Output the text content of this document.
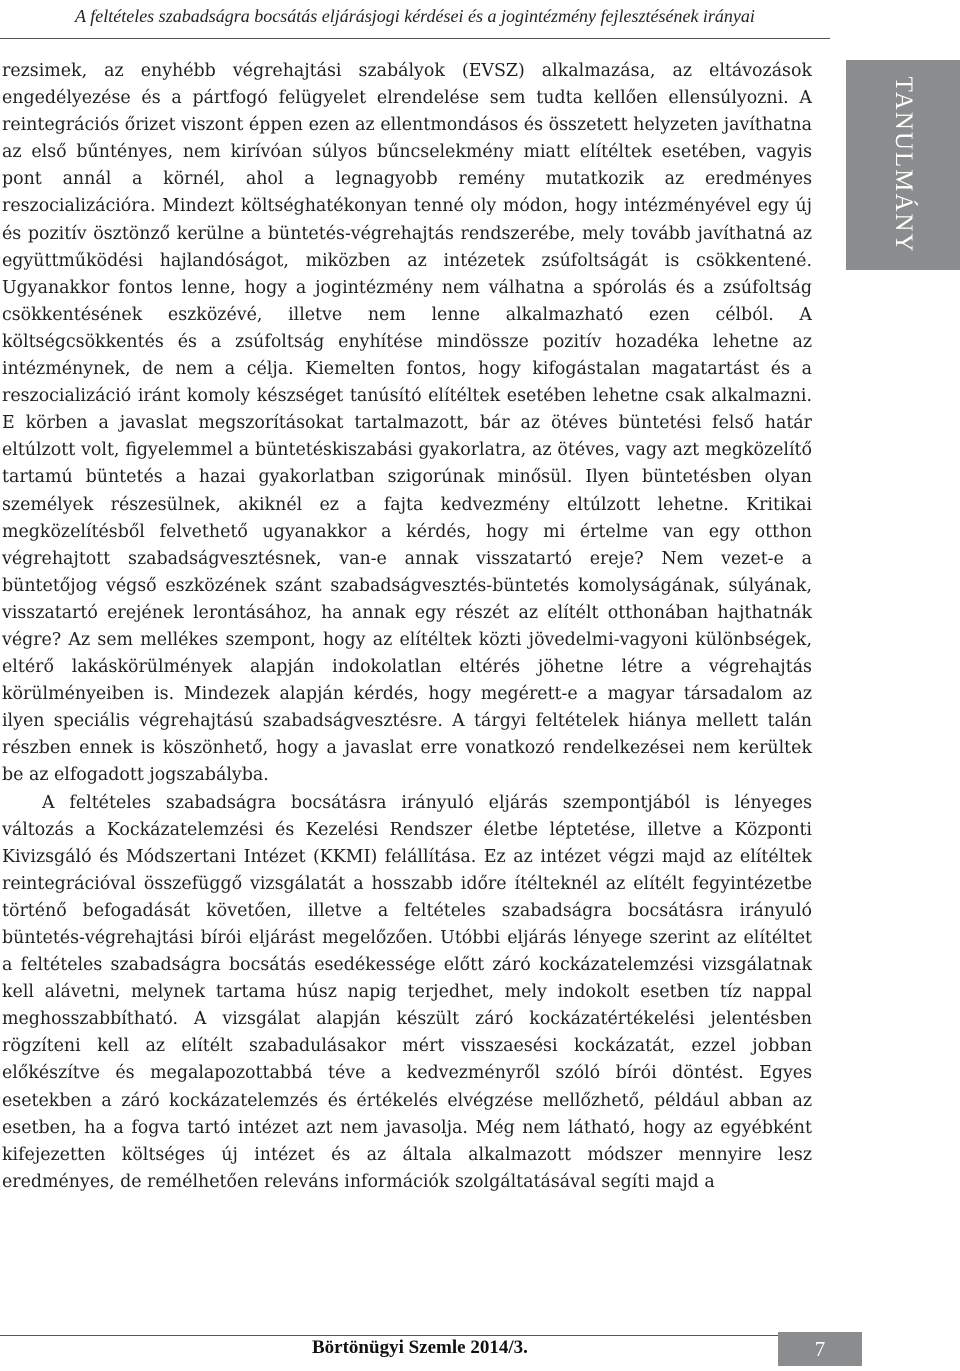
A feltételes szabadságra bocsátás eljárásjogi kérdései és a jogintézmény fejlesztésének irányai
TANULMÁNY

rezsimek, az enyhébb végrehajtási szabályok (EVSZ) alkalmazása, az eltávozások engedélyezése és a pártfogó felügyelet elrendelése sem tudta kellően ellensúlyozni. A reintegrációs őrizet viszont éppen ezen az ellentmondásos és összetett helyzeten javíthatna az első bűntényes, nem kirívóan súlyos bűncselekmény miatt elítéltek esetében, vagyis pont annál a körnél, ahol a legnagyobb remény mutatkozik az eredményes reszocializációra. Mindezt költséghatékonyan tenné oly módon, hogy intézményével egy új és pozitív ösztönző kerülne a büntetés-végrehajtás rendszerébe, mely tovább javíthatná az együttműködési hajlandóságot, miközben az intézetek zsúfoltságát is csökkentené. Ugyanakkor fontos lenne, hogy a jogintézmény nem válhatna a spórolás és a zsúfoltság csökkentésének eszközévé, illetve nem lenne alkalmazható ezen célból. A költségcsökkentés és a zsúfoltság enyhítése mindössze pozitív hozadéka lehetne az intézménynek, de nem a célja. Kiemelten fontos, hogy kifogástalan magatartást és a reszocializáció iránt komoly készséget tanúsító elítéltek esetében lehetne csak alkalmazni. E körben a javaslat megszorításokat tartalmazott, bár az ötéves büntetési felső határ eltúlzott volt, figyelemmel a büntetéskiszabási gyakorlatra, az ötéves, vagy azt megközelítő tartamú büntetés a hazai gyakorlatban szigorúnak minősül. Ilyen büntetésben olyan személyek részesülnek, akiknél ez a fajta kedvezmény eltúlzott lehetne. Kritikai megközelítésből felvethető ugyanakkor a kérdés, hogy mi értelme van egy otthon végrehajtott szabadságvesztésnek, van-e annak visszatartó ereje? Nem vezet-e a büntetőjog végső eszközének szánt szabadságvesztés-büntetés komolyságának, súlyának, visszatartó erejének lerontásához, ha annak egy részét az elítélt otthonában hajthatnák végre? Az sem mellékes szempont, hogy az elítéltek közti jövedelmi-vagyoni különbségek, eltérő lakáskörülmények alapján indokolatlan eltérés jöhetne létre a végrehajtás körülményeiben is. Mindezek alapján kérdés, hogy megérett-e a magyar társadalom az ilyen speciális végrehajtású szabadságvesztésre. A tárgyi feltételek hiánya mellett talán részben ennek is köszönhető, hogy a javaslat erre vonatkozó rendelkezései nem kerültek be az elfogadott jogszabályba.

A feltételes szabadságra bocsátásra irányuló eljárás szempontjából is lényeges változás a Kockázatelemzési és Kezelési Rendszer életbe léptetése, illetve a Központi Kivizsgáló és Módszertani Intézet (KKMI) felállítása. Ez az intézet végzi majd az elítéltek reintegrációval összefüggő vizsgálatát a hosszabb időre ítélteknél az elítélt fegyintézetbe történő befogadását követően, illetve a feltételes szabadságra bocsátásra irányuló büntetés-végrehajtási bírói eljárást megelőzően. Utóbbi eljárás lényege szerint az elítéltet a feltételes szabadságra bocsátás esedékessége előtt záró kockázatelemzési vizsgálatnak kell alávetni, melynek tartama húsz napig terjedhet, mely indokolt esetben tíz nappal meghosszabbítható. A vizsgálat alapján készült záró kockázatértékelési jelentésben rögzíteni kell az elítélt szabadulásakor mért visszaesési kockázatát, ezzel jobban előkészítve és megalapozottabbá téve a kedvezményről szóló bírói döntést. Egyes esetekben a záró kockázatelemzés és értékelés elvégzése mellőzhető, például abban az esetben, ha a fogva tartó intézet azt nem javasolja. Még nem látható, hogy az egyébként kifejezetten költséges új intézet és az általa alkalmazott módszer mennyire lesz eredményes, de remélhetően releváns információk szolgáltatásával segíti majd a

Börtönügyi Szemle 2014/3.	7
